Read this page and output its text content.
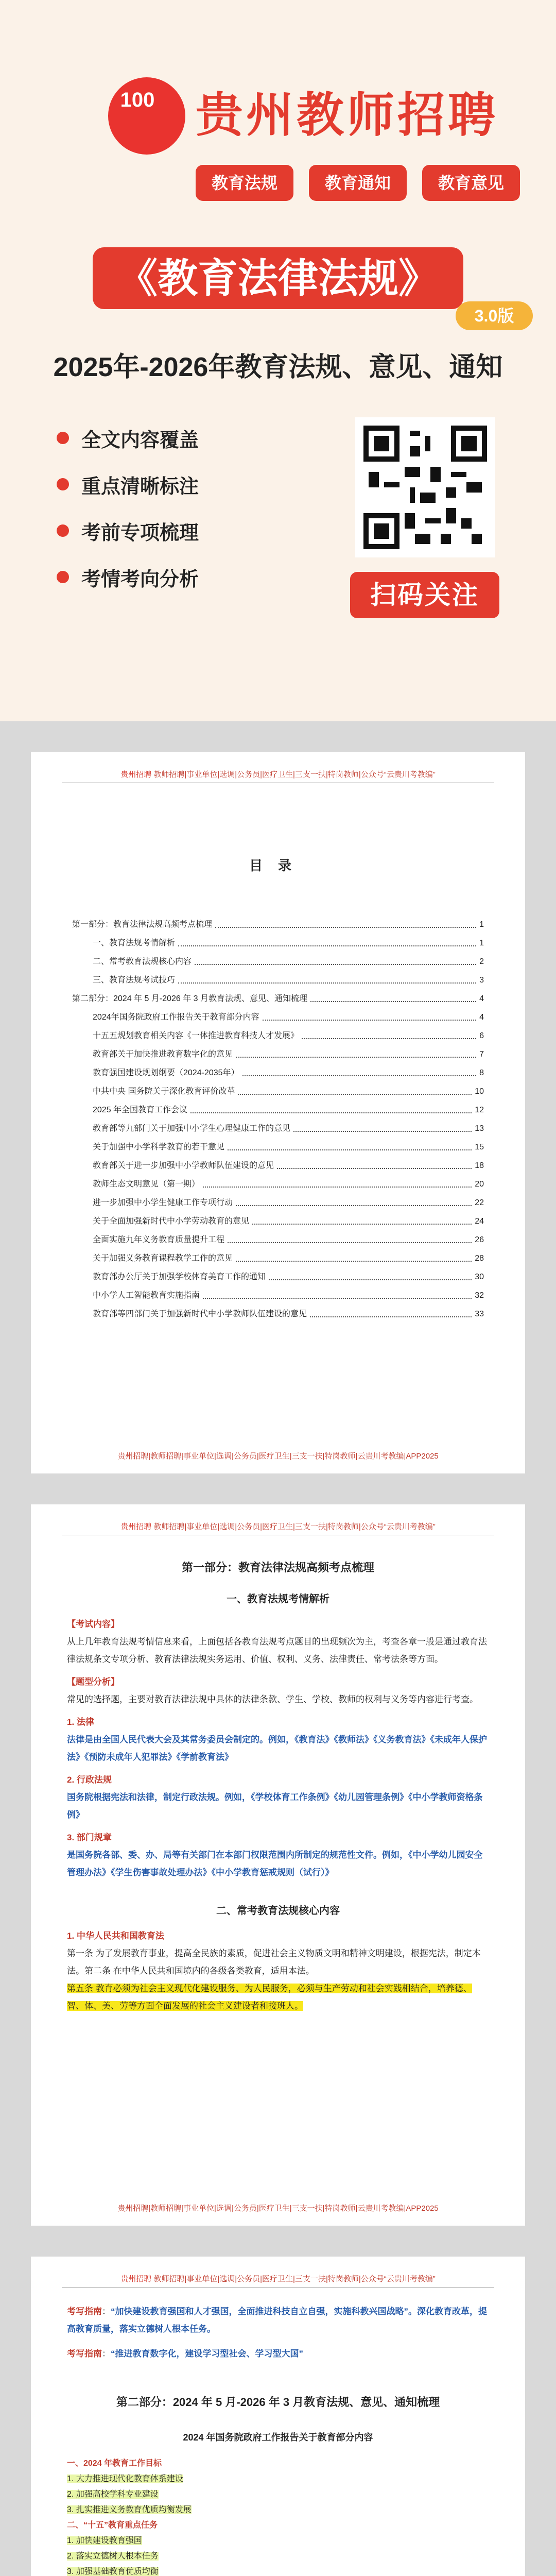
100 贵州教师招聘
教育法规	教育通知	教育意见
《教育法律法规》
3.0版
2025年-2026年教育法规、意见、通知
全文内容覆盖
重点清晰标注
考前专项梳理
考情考向分析
扫码关注
贵州招聘 教师招聘|事业单位|选调|公务员|医疗卫生|三支一扶|特岗教师|公众号“云贵川考教编”
目录
第一部分：教育法律法规高频考点梳理	1
一、教育法规考情解析	1
二、常考教育法规核心内容	2
三、教育法规考试技巧	3
第二部分：2024 年 5 月-2026 年 3 月教育法规、意见、通知梳理	4
2024年国务院政府工作报告关于教育部分内容	4
十五五规划教育相关内容《一体推进教育科技人才发展》	6
教育部关于加快推进教育数字化的意见	7
教育强国建设规划纲要（2024-2035年）	8
中共中央 国务院关于深化教育评价改革	10
2025 年全国教育工作会议	12
教育部等九部门关于加强中小学生心理健康工作的意见	13
关于加强中小学科学教育的若干意见	15
教育部关于进一步加强中小学教师队伍建设的意见	18
教师生态文明意见（第一期）	20
进一步加强中小学生健康工作专项行动	22
关于全面加强新时代中小学劳动教育的意见	24
全面实施九年义务教育质量提升工程	26
关于加强义务教育课程教学工作的意见	28
教育部办公厅关于加强学校体育美育工作的通知	30
中小学人工智能教育实施指南	32
教育部等四部门关于加强新时代中小学教师队伍建设的意见	33
贵州招聘|教师招聘|事业单位|选调|公务员|医疗卫生|三支一扶|特岗教师|云贵川考教编|APP2025
贵州招聘 教师招聘|事业单位|选调|公务员|医疗卫生|三支一扶|特岗教师|公众号“云贵川考教编”
第一部分：教育法律法规高频考点梳理
一、教育法规考情解析
【考试内容】
从上几年教育法规考情信息来看，上面包括各教育法规考点题目的出现频次为主，考查各章一般是通过教育法律法规条文专项分析、教育法律法规实务运用、价值、权利、义务、法律责任、常考法条等方面。
【题型分析】
常见的选择题，主要对教育法律法规中具体的法律条款、学生、学校、教师的权利与义务等内容进行考查。
1. 法律
法律是由全国人民代表大会及其常务委员会制定的。例如，《教育法》《教师法》《义务教育法》《未成年人保护法》《预防未成年人犯罪法》《学前教育法》
2. 行政法规
国务院根据宪法和法律，制定行政法规。例如，《学校体育工作条例》《幼儿园管理条例》《中小学教师资格条例》
3. 部门规章
是国务院各部、委、办、局等有关部门在本部门权限范围内所制定的规范性文件。例如，《中小学幼儿园安全管理办法》《学生伤害事故处理办法》《中小学教育惩戒规则（试行）》
二、常考教育法规核心内容
1. 中华人民共和国教育法
第一条 为了发展教育事业，提高全民族的素质，促进社会主义物质文明和精神文明建设，根据宪法，制定本法。第二条 在中华人民共和国境内的各级各类教育，适用本法。
第五条 教育必须为社会主义现代化建设服务、为人民服务，必须与生产劳动和社会实践相结合，培养德、智、体、美、劳等方面全面发展的社会主义建设者和接班人。
贵州招聘|教师招聘|事业单位|选调|公务员|医疗卫生|三支一扶|特岗教师|云贵川考教编|APP2025
贵州招聘 教师招聘|事业单位|选调|公务员|医疗卫生|三支一扶|特岗教师|公众号“云贵川考教编”
考写指南：“加快建设教育强国和人才强国，全面推进科技自立自强，实施科教兴国战略”。深化教育改革，提高教育质量，落实立德树人根本任务。
考写指南：“推进教育数字化，建设学习型社会、学习型大国”
第二部分：2024 年 5 月-2026 年 3 月教育法规、意见、通知梳理
2024 年国务院政府工作报告关于教育部分内容
一、2024 年教育工作目标
1. 大力推进现代化教育体系建设
2. 加强高校学科专业建设
3. 扎实推进义务教育优质均衡发展
二、“十五”教育重点任务
1. 加快建设教育强国
2. 落实立德树人根本任务
3. 加强基础教育优质均衡
